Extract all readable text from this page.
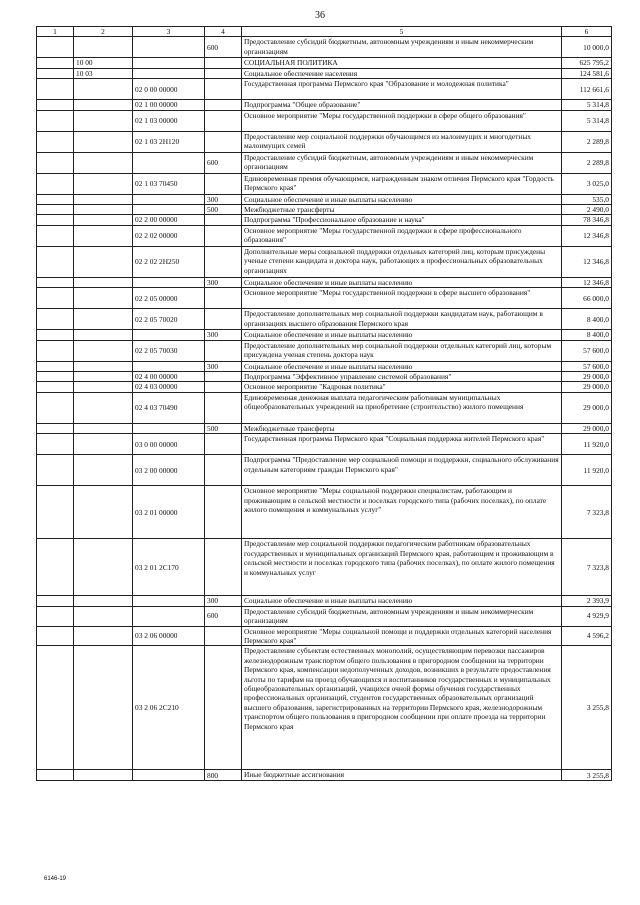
36
1	2	3	4	5	6
			600	Предоставление субсидий бюджетным, автономным учреждениям и иным некоммерческим организациям	10 000,0
	10 00			СОЦИАЛЬНАЯ ПОЛИТИКА	625 795,2
	10 03			Социальное обеспечение населения	124 581,6
		02 0 00 00000		Государственная программа Пермского края "Образование и молодежная политика"	112 661,6
		02 1 00 00000		Подпрограмма "Общее образование"	5 314,8
		02 1 03 00000		Основное мероприятие "Меры государственной поддержки в сфере общего образования"	5 314,8
		02 1 03 2Н120		Предоставление мер социальной поддержки обучающимся из малоимущих и многодетных малоимущих семей	2 289,8
			600	Предоставление субсидий бюджетным, автономным учреждениям и иным некоммерческим организациям	2 289,8
		02 1 03 70450		Единовременная премия обучающимся, награжденным знаком отличия Пермского края "Гордость Пермского края"	3 025,0
			300	Социальное обеспечение и иные выплаты населению	535,0
			500	Межбюджетные трансферты	2 490,0
		02 2 00 00000		Подпрограмма "Профессиональное образование и наука"	78 346,8
		02 2 02 00000		Основное мероприятие "Меры государственной поддержки в сфере профессионального образования"	12 346,8
		02 2 02 2Н250		Дополнительные меры социальной поддержки отдельных категорий лиц, которым присуждены ученые степени кандидата и доктора наук, работающих в профессиональных образовательных организациях	12 346,8
			300	Социальное обеспечение и иные выплаты населению	12 346,8
		02 2 05 00000		Основное мероприятие "Меры государственной поддержки в сфере высшего образования"	66 000,0
		02 2 05 70020		Предоставление дополнительных мер социальной поддержки кандидатам наук, работающим в организациях высшего образования Пермского края	8 400,0
			300	Социальное обеспечение и иные выплаты населению	8 400,0
		02 2 05 70030		Предоставление дополнительных мер социальной поддержки отдельных категорий лиц, которым присуждена ученая степень доктора наук	57 600,0
			300	Социальное обеспечение и иные выплаты населению	57 600,0
		02 4 00 00000		Подпрограмма "Эффективное управление системой образования"	29 000,0
		02 4 03 00000		Основное мероприятие "Кадровая политика"	29 000,0
		02 4 03 70490		Единовременная денежная выплата педагогическим работникам муниципальных общеобразовательных учреждений на приобретение (строительство) жилого помещения	29 000,0
			500	Межбюджетные трансферты	29 000,0
		03 0 00 00000		Государственная программа Пермского края "Социальная поддержка жителей Пермского края"	11 920,0
		03 2 00 00000		Подпрограмма "Предоставление мер социальной помощи и поддержки, социального обслуживания отдельным категориям граждан Пермского края"	11 920,0
		03 2 01 00000		Основное мероприятие "Меры социальной поддержки специалистам, работающим и проживающим в сельской местности и поселках городского типа (рабочих поселках), по оплате жилого помещения и коммунальных услуг"	7 323,8
		03 2 01 2С170		Предоставление мер социальной поддержки педагогическим работникам образовательных государственных и муниципальных организаций Пермского края, работающим и проживающим в сельской местности и поселках городского типа (рабочих поселках), по оплате жилого помещения и коммунальных услуг	7 323,8
			300	Социальное обеспечение и иные выплаты населению	2 393,9
			600	Предоставление субсидий бюджетным, автономным учреждениям и иным некоммерческим организациям	4 929,9
		03 2 06 00000		Основное мероприятие "Меры социальной помощи и поддержки отдельных категорий населения Пермского края"	4 596,2
		03 2 06 2С210		Предоставление субъектам естественных монополий, осуществляющим перевозки пассажиров железнодорожным транспортом общего пользования в пригородном сообщении на территории Пермского края, компенсации недополученных доходов, возникших в результате предоставления льготы по тарифам на проезд обучающихся и воспитанников государственных и муниципальных общеобразовательных организаций, учащихся очной формы обучения государственных профессиональных организаций, студентов государственных образовательных организаций высшего образования, зарегистрированных на территории Пермского края, железнодорожным транспортом общего пользования в пригородном сообщении при оплате проезда на территории Пермского края	3 255,8
			800	Иные бюджетные ассигнования	3 255,8
6146-19
